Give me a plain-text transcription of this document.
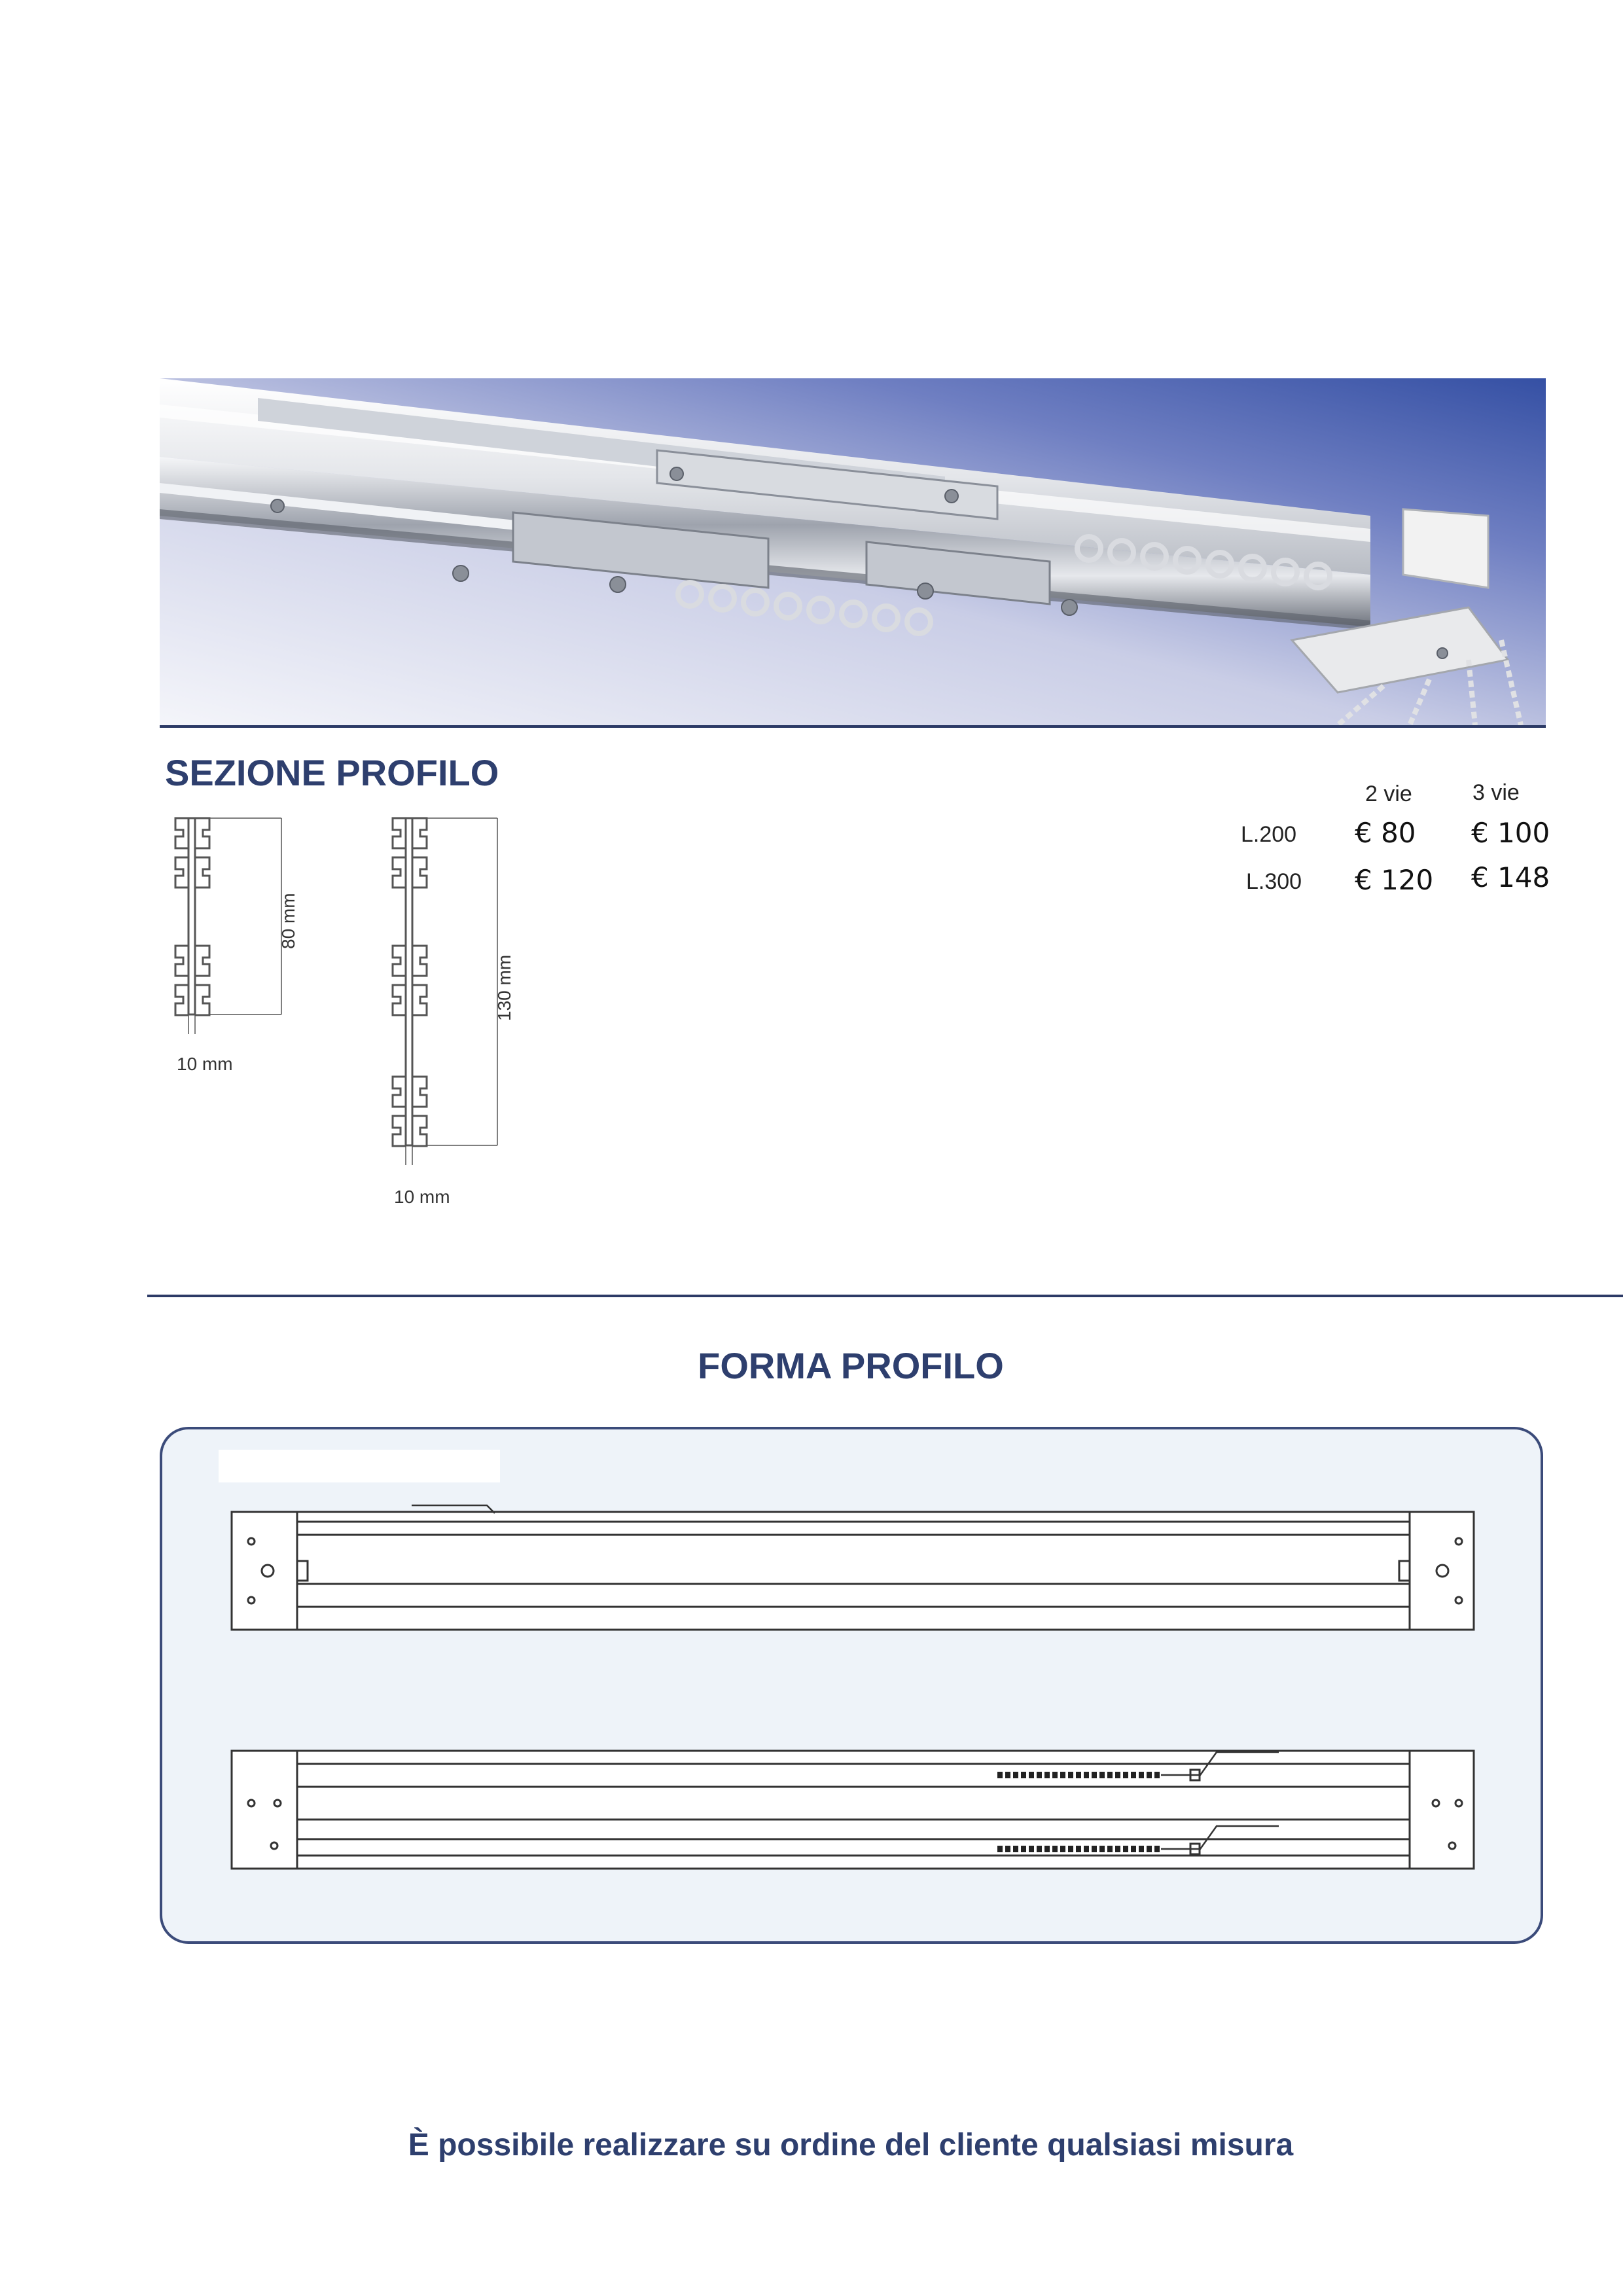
SEZIONE PROFILO
80 mm
10 mm
130 mm
10 mm
2 vie	3 vie
L.200 € 80 € 100
L.300 € 120 € 148
FORMA PROFILO
È possibile realizzare su ordine del cliente qualsiasi misura
